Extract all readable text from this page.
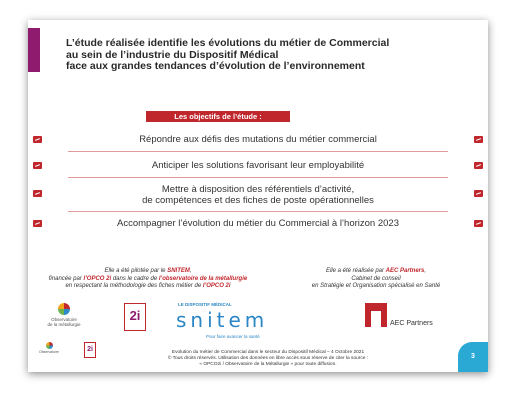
L’étude réalisée identifie les évolutions du métier de Commercial
au sein de l’industrie du Dispositif Médical
face aux grandes tendances d’évolution de l’environnement
Les objectifs de l’étude :
Répondre aux défis des mutations du métier commercial
Anticiper les solutions favorisant leur employabilité
Mettre à disposition des référentiels d’activité,
de compétences et des fiches de poste opérationnelles
Accompagner l’évolution du métier du Commercial à l’horizon 2023
Elle a été pilotée par le SNITEM,
financée par l’OPCO 2i dans le cadre de l’observatoire de la métallurgie
en respectant la méthodologie des fiches métier de l’OPCO 2i
Elle a été réalisée par AEC Partners,
Cabinet de conseil
en Stratégie et Organisation spécialisé en Santé
Observatoire
de la métallurgie
2i
LE DISPOSITIF MÉDICAL
snitem
Pour faire avancer la santé
AEC Partners
Observatoire	2i	Evolution du métier de Commercial dans le secteur du Dispositif Médical – 4 Octobre 2021
© Tous droits réservés. Utilisation des données en libre accès sous réserve de citer la source :
« OPCO2i / Observatoire de la Métallurgie » pour toute diffusion.
3
